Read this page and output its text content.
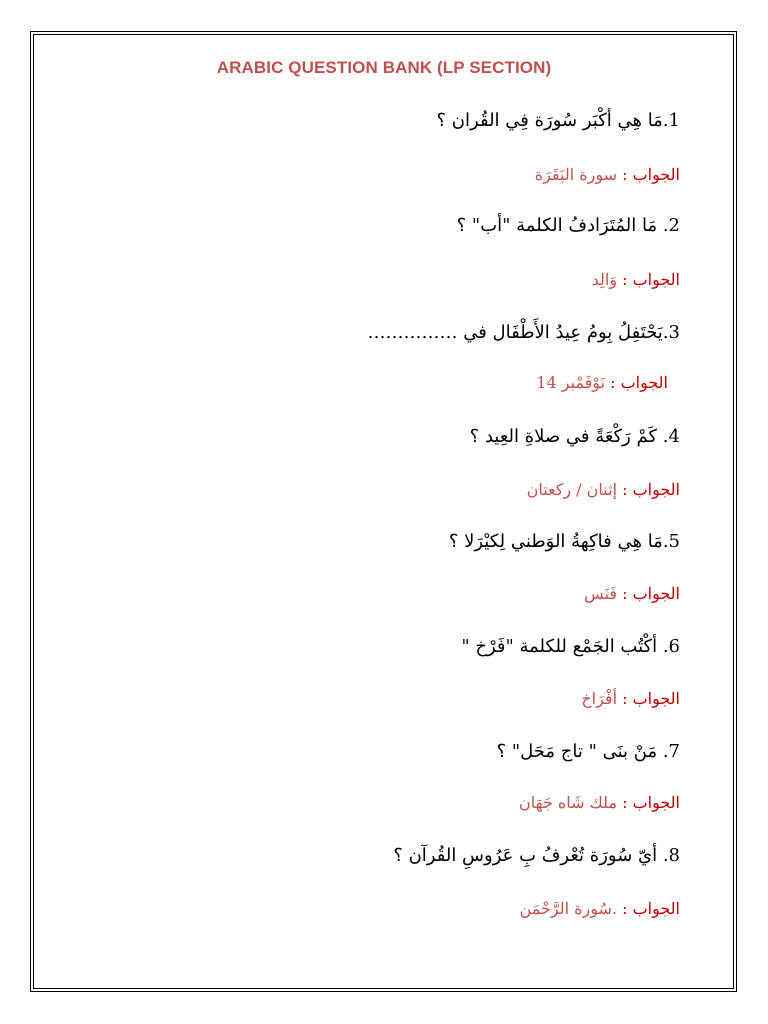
ARABIC QUESTION BANK (LP SECTION)
1.مَا هِي أكْبَر سُورَة فِي القُران ؟
الجواب : سورة البَقَرَة
2. مَا المُتَرَادفُ الكلمة "أب" ؟
الجواب : وَالِد
3.يَحْتَفِلُ بِومُ عِيدُ الأَطْفَال في ……………
الجواب : نَوْفَمْبر 14
4. كَمْ رَكْعَةً في صلاةِ العِيد ؟
الجواب : إثنان / ركعتان
5.مَا هِي فاكِهةُ الوَطني لِكيْرَلا ؟
الجواب : فَنَس
6. أكْتُب الجَمْع للكلمة "فَرْخ "
الجواب : أفْرَاخ
7. مَنْ بنَى " تاج مَحَل" ؟
الجواب : ملك شَاه جَهَان
8. أيّ سُورَة تُعْرفُ بِ عَرُوسِ القُرآن ؟
الجواب : .سُورة الرَّحْمَن
